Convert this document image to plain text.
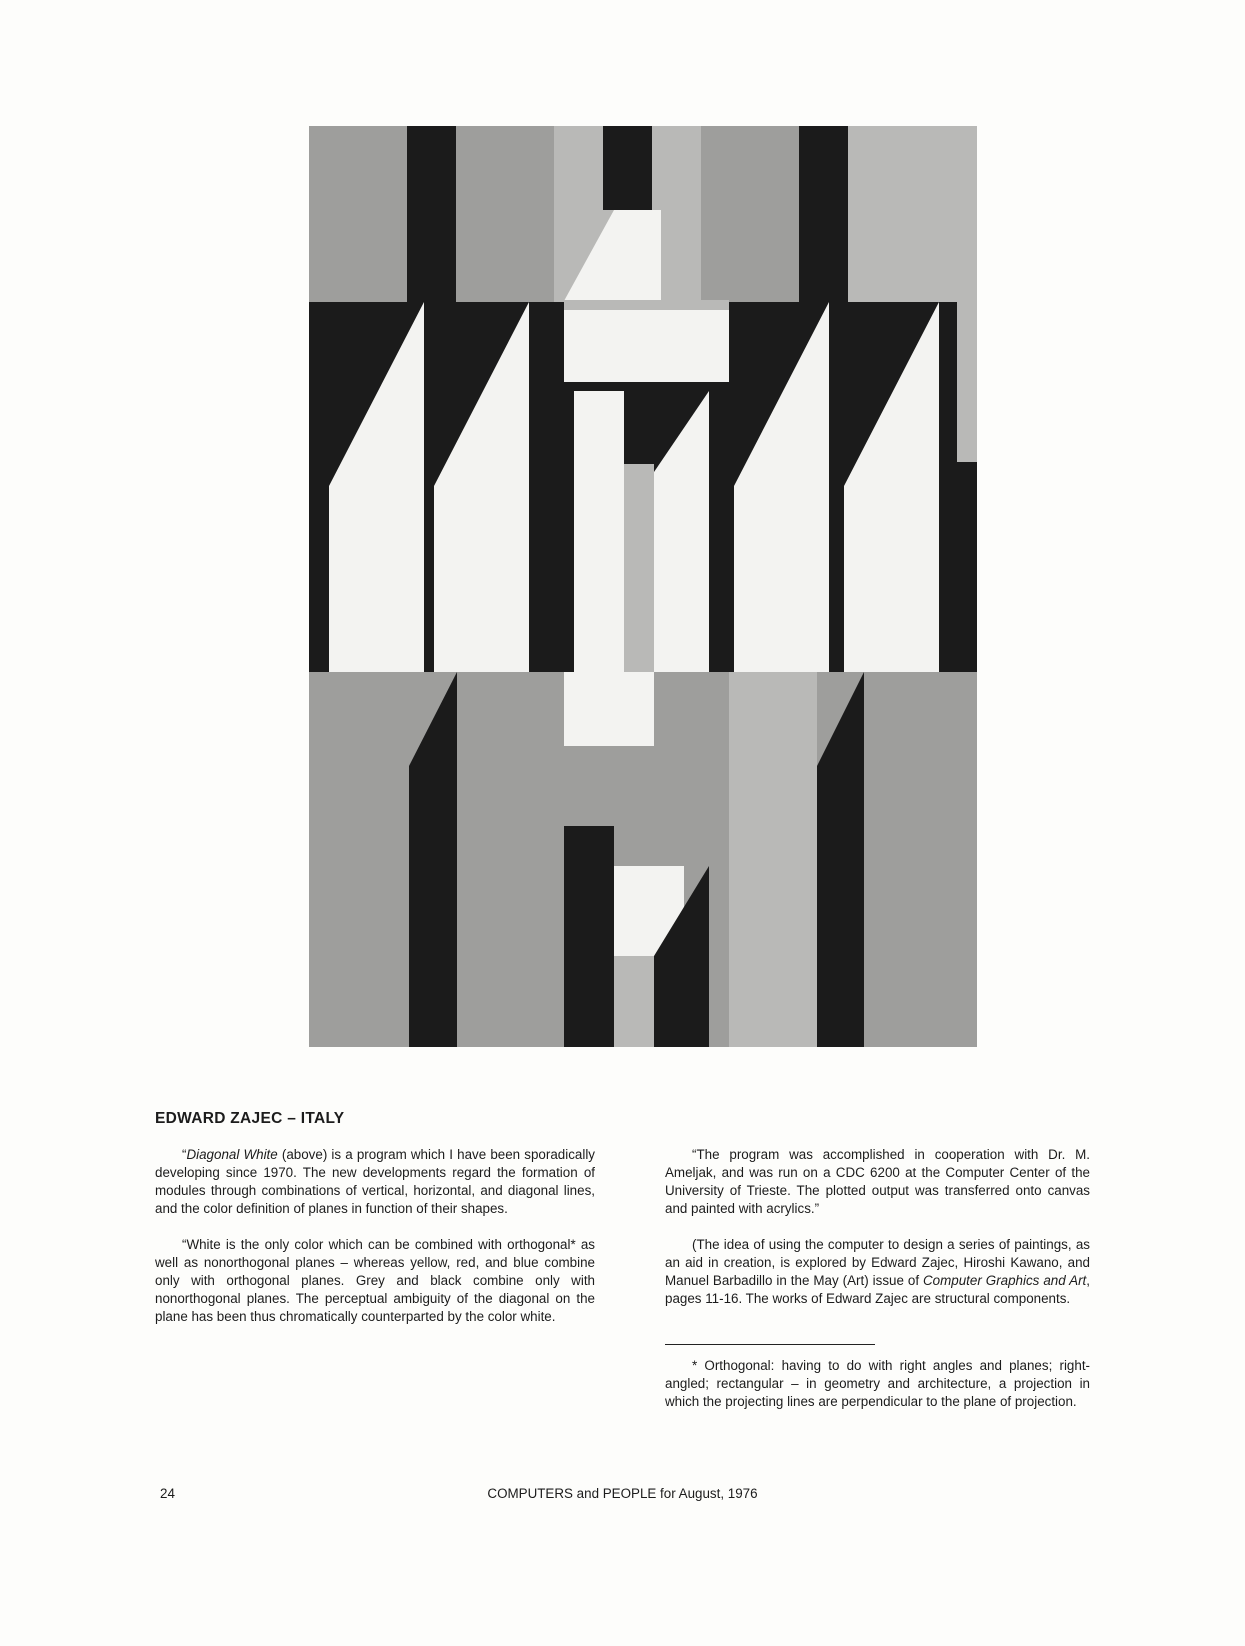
EDWARD ZAJEC – ITALY

“Diagonal White (above) is a program which I have been sporadically developing since 1970. The new developments regard the formation of modules through combinations of vertical, horizontal, and diagonal lines, and the color definition of planes in function of their shapes.

“White is the only color which can be combined with orthogonal* as well as nonorthogonal planes – whereas yellow, red, and blue combine only with orthogonal planes. Grey and black combine only with nonorthogonal planes. The perceptual ambiguity of the diagonal on the plane has been thus chromatically counterparted by the color white.

“The program was accomplished in cooperation with Dr. M. Ameljak, and was run on a CDC 6200 at the Computer Center of the University of Trieste. The plotted output was transferred onto canvas and painted with acrylics.”

(The idea of using the computer to design a series of paintings, as an aid in creation, is explored by Edward Zajec, Hiroshi Kawano, and Manuel Barbadillo in the May (Art) issue of Computer Graphics and Art, pages 11-16. The works of Edward Zajec are structural components.

* Orthogonal: having to do with right angles and planes; right-angled; rectangular – in geometry and architecture, a projection in which the projecting lines are perpendicular to the plane of projection.

24	COMPUTERS and PEOPLE for August, 1976
